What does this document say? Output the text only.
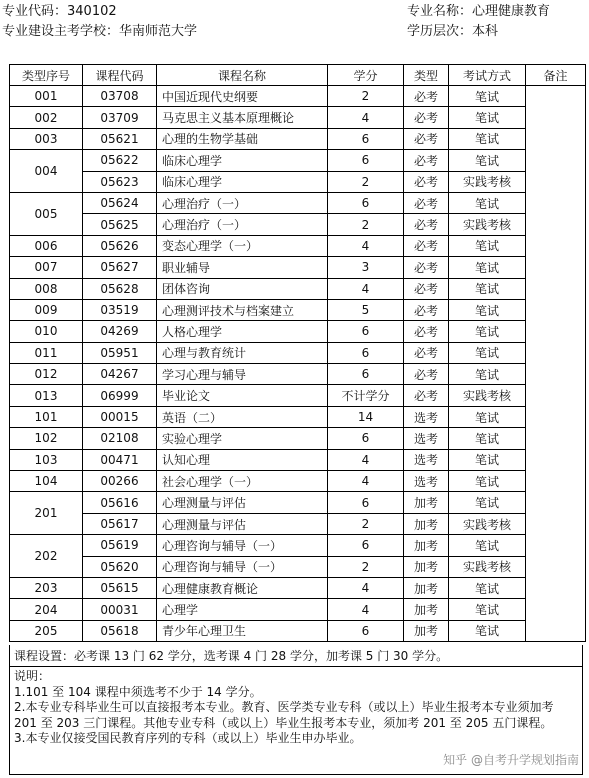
专业代码：340102
专业建设主考学校：华南师范大学
专业名称：心理健康教育
学历层次：本科
类型序号	课程代码	课程名称	学分	类型	考试方式	备注
001	03708	中国近现代史纲要	2	必考	笔试	
002	03709	马克思主义基本原理概论	4	必考	笔试	
003	05621	心理的生物学基础	6	必考	笔试	
004	05622	临床心理学	6	必考	笔试	
	05623	临床心理学	2	必考	实践考核	
005	05624	心理治疗（一）	6	必考	笔试	
	05625	心理治疗（一）	2	必考	实践考核	
006	05626	变态心理学（一）	4	必考	笔试	
007	05627	职业辅导	3	必考	笔试	
008	05628	团体咨询	4	必考	笔试	
009	03519	心理测评技术与档案建立	5	必考	笔试	
010	04269	人格心理学	6	必考	笔试	
011	05951	心理与教育统计	6	必考	笔试	
012	04267	学习心理与辅导	6	必考	笔试	
013	06999	毕业论文	不计学分	必考	实践考核	
101	00015	英语（二）	14	选考	笔试	
102	02108	实验心理学	6	选考	笔试	
103	00471	认知心理	4	选考	笔试	
104	00266	社会心理学（一）	4	选考	笔试	
201	05616	心理测量与评估	6	加考	笔试	
	05617	心理测量与评估	2	加考	实践考核	
202	05619	心理咨询与辅导（一）	6	加考	笔试	
	05620	心理咨询与辅导（一）	2	加考	实践考核	
203	05615	心理健康教育概论	4	加考	笔试	
204	00031	心理学	4	加考	笔试	
205	05618	青少年心理卫生	6	加考	笔试	
课程设置：必考课 13 门 62 学分，选考课 4 门 28 学分，加考课 5 门 30 学分。

说明：

1.101 至 104 课程中须选考不少于 14 学分。

2.本专业专科毕业生可以直接报考本专业。教育、医学类专业专科（或以上）毕业生报考本专业须加考 201 至 203 三门课程。其他专业专科（或以上）毕业生报考本专业，须加考 201 至 205 五门课程。

3.本专业仅接受国民教育序列的专科（或以上）毕业生申办毕业。

知乎 @自考升学规划指南
